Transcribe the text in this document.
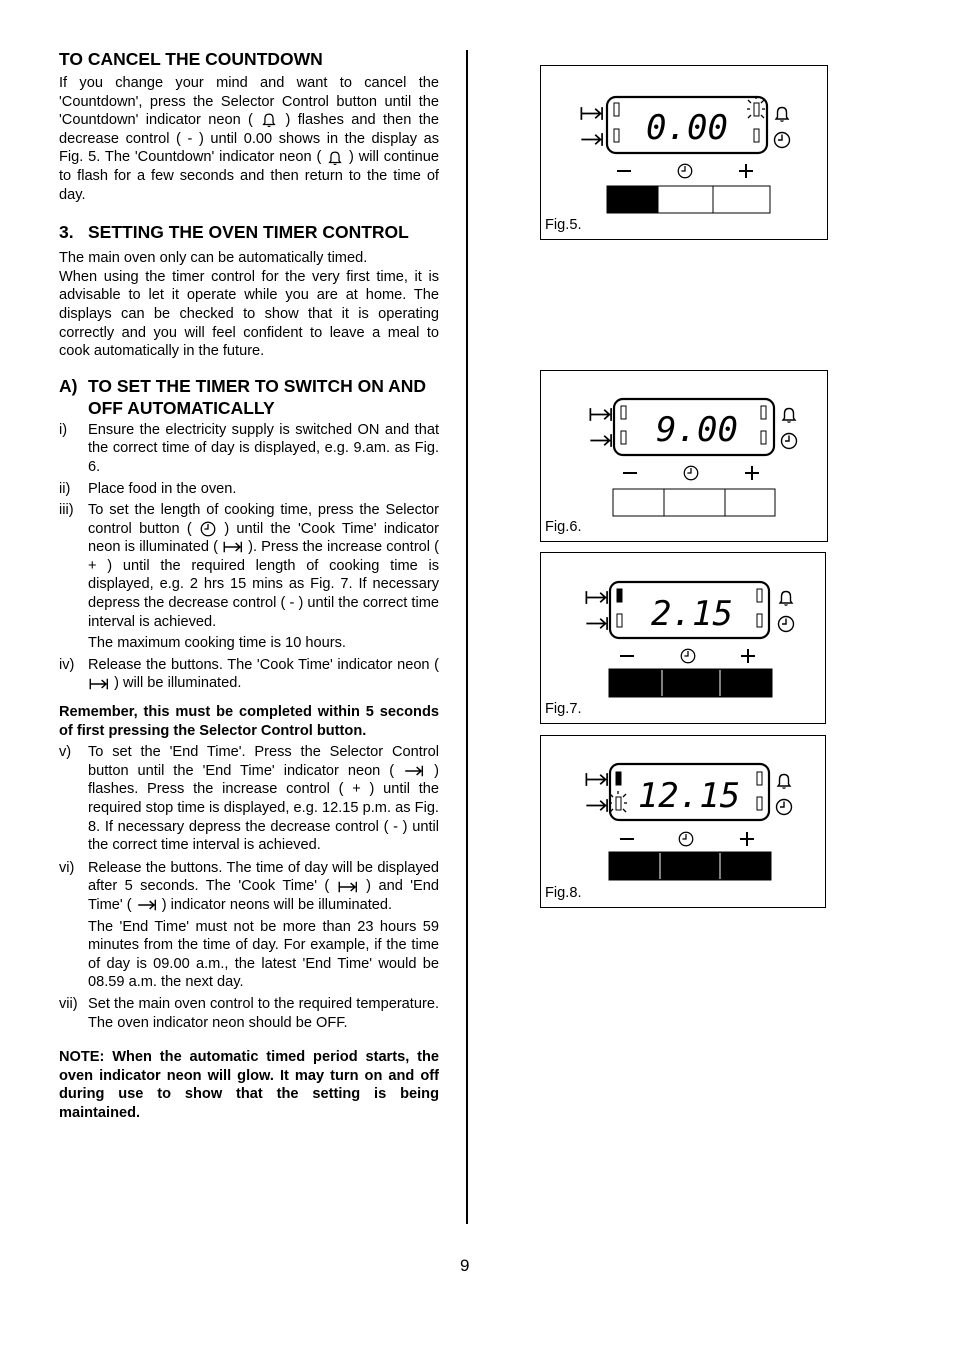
TO CANCEL THE COUNTDOWN

If you change your mind and want to cancel the 'Countdown', press the Selector Control button until the 'Countdown' indicator neon ( ) flashes and then the decrease control ( - ) until 0.00 shows in the display as Fig. 5. The 'Countdown' indicator neon ( ) will continue to flash for a few seconds and then return to the time of day.

3. SETTING THE OVEN TIMER CONTROL

The main oven only can be automatically timed.

When using the timer control for the very first time, it is advisable to let it operate while you are at home. The displays can be checked to show that it is operating correctly and you will feel confident to leave a meal to cook automatically in the future.

A) TO SET THE TIMER TO SWITCH ON AND OFF AUTOMATICALLY
i)	Ensure the electricity supply is switched ON and that the correct time of day is displayed, e.g. 9.am. as Fig. 6.
ii)	Place food in the oven.
iii) To set the length of cooking time, press the Selector control button ( ) until the 'Cook Time' indicator neon is illuminated ( ). Press the increase control ( + ) until the required length of cooking time is displayed, e.g. 2 hrs 15 mins as Fig. 7. If necessary depress the decrease control ( - ) until the correct time interval is achieved.

The maximum cooking time is 10 hours.

iv) Release the buttons. The 'Cook Time' indicator neon (  ) will be illuminated.

Remember, this must be completed within 5 seconds of first pressing the Selector Control button.

v)	To set the 'End Time'. Press the Selector Control button until the 'End Time' indicator neon (	) flashes. Press the increase control ( + ) until the required stop time is displayed, e.g. 12.15 p.m. as Fig. 8. If necessary depress the decrease control ( - ) until the correct time interval is achieved.
vi) Release the buttons. The time of day will be displayed after 5 seconds. The 'Cook Time' (	) and 'End Time' ( ) indicator neons will be illuminated.

The 'End Time' must not be more than 23 hours 59 minutes from the time of day. For example, if the time of day is 09.00 a.m., the latest 'End Time' would be 08.59 a.m. the next day.

vii) Set the main oven control to the required temperature. The oven indicator neon should be OFF.

NOTE: When the automatic timed period starts, the oven indicator neon will glow. It may turn on and off during use to show that the setting is being maintained.

0.00
Fig.5.
9.00
Fig.6.
2.15
Fig.7.
12.15
Fig.8.
9
